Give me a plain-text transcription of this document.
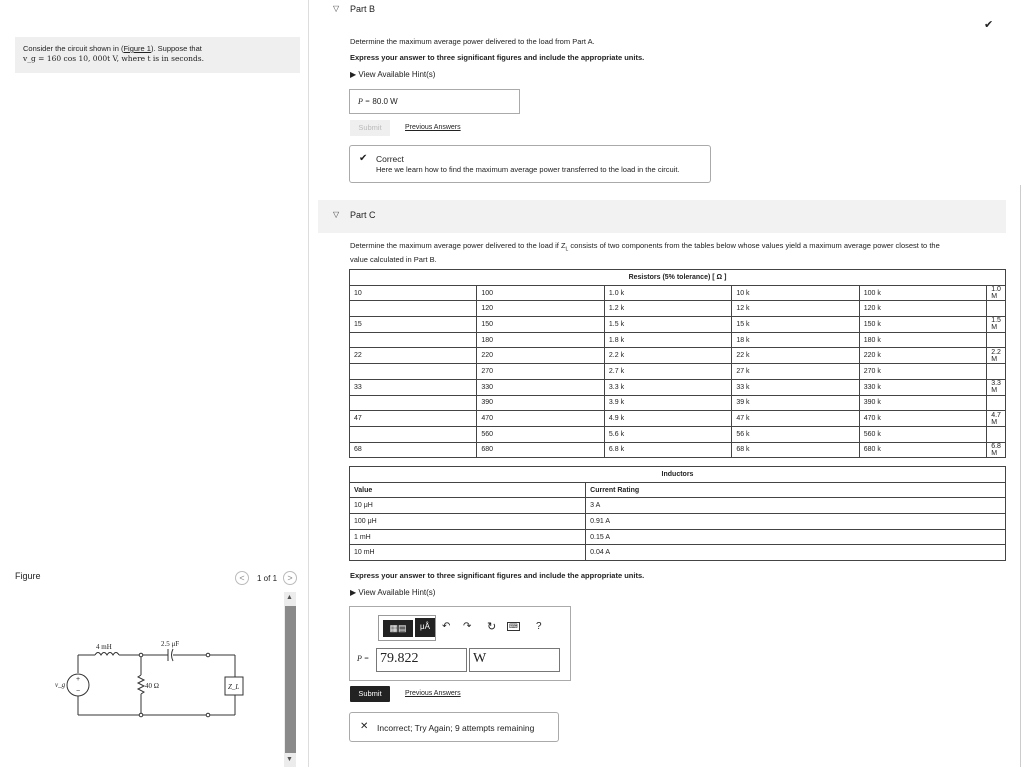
Consider the circuit shown in (Figure 1). Suppose that
v_g = 160 cos 10, 000t V, where t is in seconds.
Figure	<	1 of 1	>
+
−
4 mH	2.5 μF
40 Ω
v_g	Z_L
▲
▼
▽ Part B
✔
Determine the maximum average power delivered to the load from Part A.
Express your answer to three significant figures and include the appropriate units.
▶ View Available Hint(s)
P = 80.0 W
Submit	Previous Answers
✔ Correct
Here we learn how to find the maximum average power transferred to the load in the circuit.
▽ Part C
Determine the maximum average power delivered to the load if $Z_L$ consists of two components from the tables below whose values yield a maximum average power closest to the
value calculated in Part B.
Resistors (5% tolerance) [ Ω ]					
10	100	1.0 k	10 k	100 k	1.0 M
	120	1.2 k	12 k	120 k	
15	150	1.5 k	15 k	150 k	1.5 M
	180	1.8 k	18 k	180 k	
22	220	2.2 k	22 k	220 k	2.2 M
	270	2.7 k	27 k	270 k	
33	330	3.3 k	33 k	330 k	3.3 M
	390	3.9 k	39 k	390 k	
47	470	4.9 k	47 k	470 k	4.7 M
	560	5.6 k	56 k	560 k	
68	680	6.8 k	68 k	680 k	6.8 M
Inductors	
Value	Current Rating
10 μH	3 A
100 μH	0.91 A
1 mH	0.15 A
10 mH	0.04 A
Express your answer to three significant figures and include the appropriate units.
▶ View Available Hint(s)
▦▤	μÅ	↶ ↷ ↻	⌨ ?
P = 79.822	W
Submit	Previous Answers
✕ Incorrect; Try Again; 9 attempts remaining
